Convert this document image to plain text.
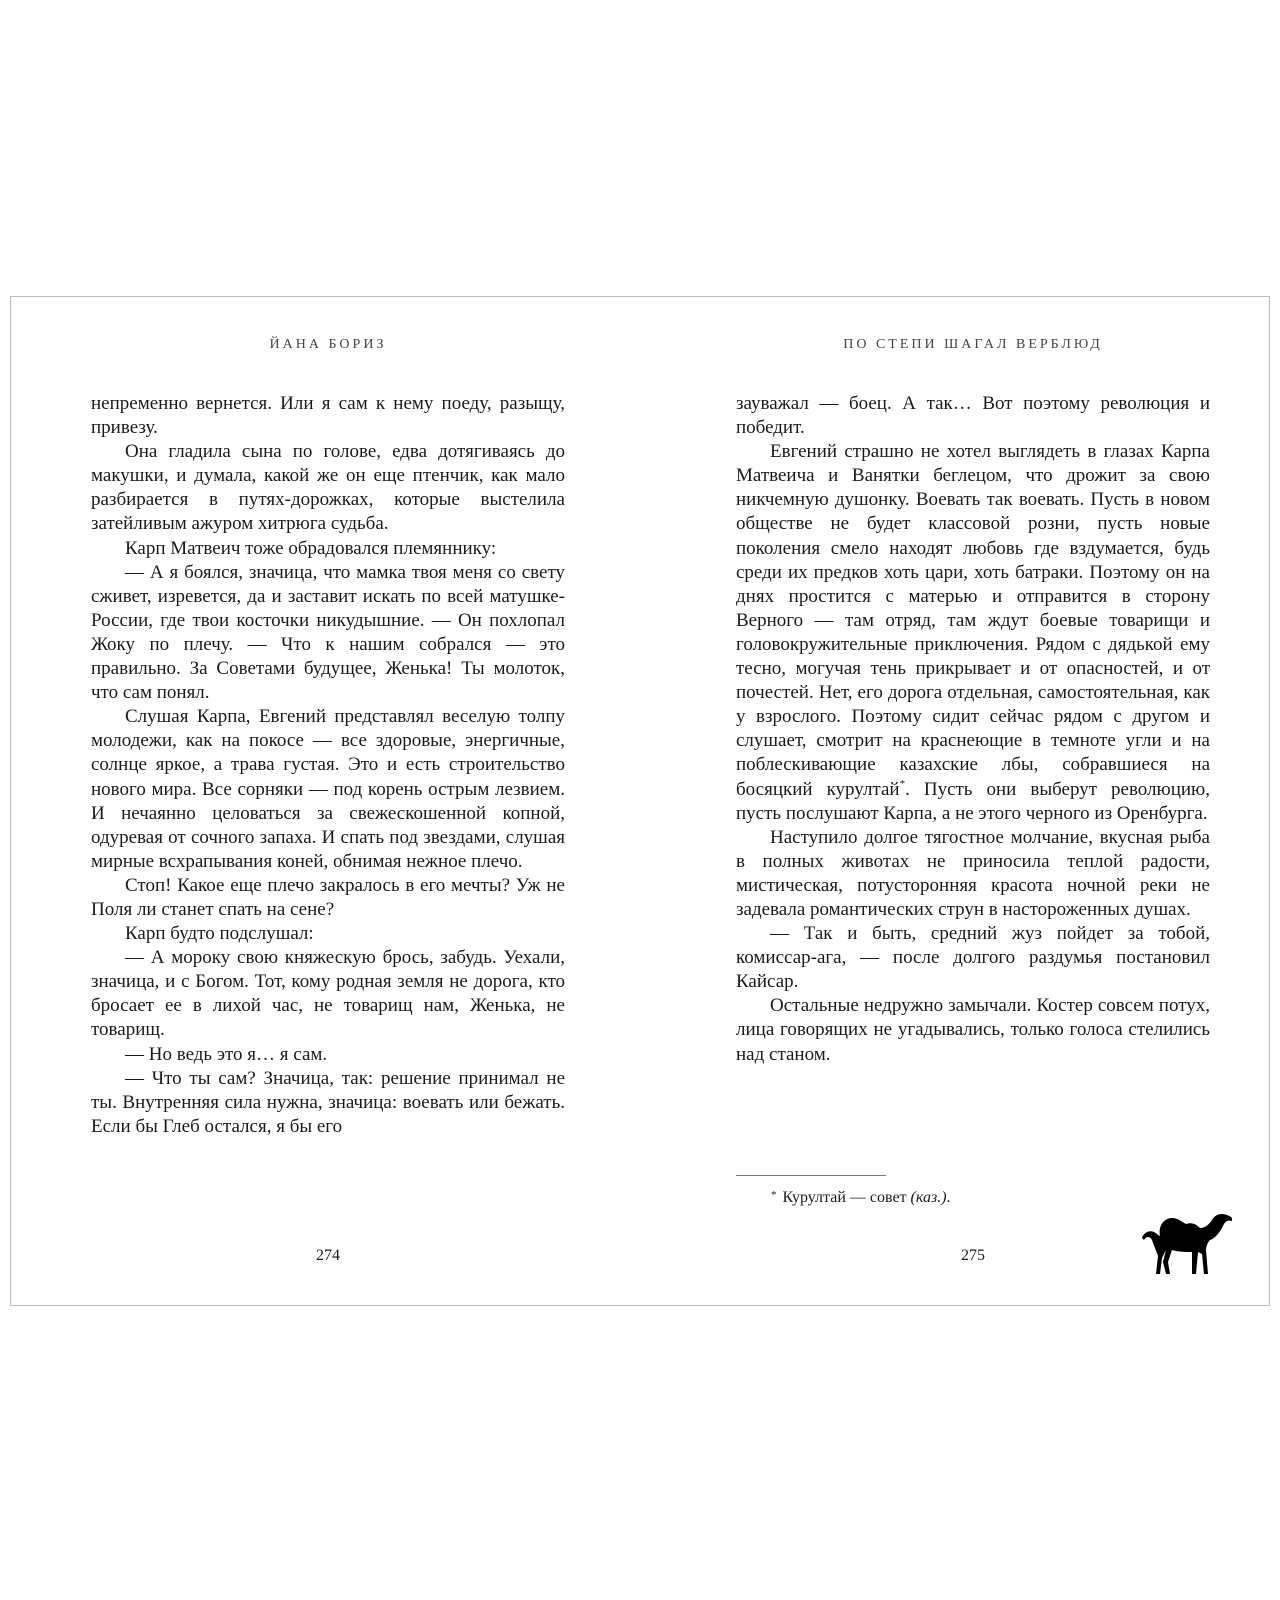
ЙАНА БОРИЗ

непременно вернется. Или я сам к нему поеду, разыщу, привезу.

Она гладила сына по голове, едва дотягиваясь до макушки, и думала, какой же он еще птенчик, как мало разбирается в путях-дорожках, которые выстелила затейливым ажуром хитрюга судьба.

Карп Матвеич тоже обрадовался племяннику:

— А я боялся, значица, что мамка твоя меня со свету сживет, изревется, да и заставит искать по всей матушке-России, где твои косточки никудышние. — Он похлопал Жоку по плечу. — Что к нашим собрался — это правильно. За Советами будущее, Женька! Ты молоток, что сам понял.

Слушая Карпа, Евгений представлял веселую толпу молодежи, как на покосе — все здоровые, энергичные, солнце яркое, а трава густая. Это и есть строительство нового мира. Все сорняки — под корень острым лезвием. И нечаянно целоваться за свежескошенной копной, одуревая от сочного запаха. И спать под звездами, слушая мирные всхрапывания коней, обнимая нежное плечо.

Стоп! Какое еще плечо закралось в его мечты? Уж не Поля ли станет спать на сене?

Карп будто подслушал:

— А мороку свою княжескую брось, забудь. Уехали, значица, и с Богом. Тот, кому родная земля не дорога, кто бросает ее в лихой час, не товарищ нам, Женька, не товарищ.

— Но ведь это я… я сам.

— Что ты сам? Значица, так: решение принимал не ты. Внутренняя сила нужна, значица: воевать или бежать. Если бы Глеб остался, я бы его

274
ПО СТЕПИ ШАГАЛ ВЕРБЛЮД

зауважал — боец. А так… Вот поэтому революция и победит.

Евгений страшно не хотел выглядеть в глазах Карпа Матвеича и Ванятки беглецом, что дрожит за свою никчемную душонку. Воевать так воевать. Пусть в новом обществе не будет классовой розни, пусть новые поколения смело находят любовь где вздумается, будь среди их предков хоть цари, хоть батраки. Поэтому он на днях простится с матерью и отправится в сторону Верного — там отряд, там ждут боевые товарищи и головокружительные приключения. Рядом с дядькой ему тесно, могучая тень прикрывает и от опасностей, и от почестей. Нет, его дорога отдельная, самостоятельная, как у взрослого. Поэтому сидит сейчас рядом с другом и слушает, смотрит на краснеющие в темноте угли и на поблескивающие казахские лбы, собравшиеся на босяцкий курултай*. Пусть они выберут революцию, пусть послушают Карпа, а не этого черного из Оренбурга.

Наступило долгое тягостное молчание, вкусная рыба в полных животах не приносила теплой радости, мистическая, потусторонняя красота ночной реки не задевала романтических струн в настороженных душах.

— Так и быть, средний жуз пойдет за тобой, комиссар-ага, — после долгого раздумья постановил Кайсар.

Остальные недружно замычали. Костер совсем потух, лица говорящих не угадывались, только голоса стелились над станом.

* Курултай — совет (каз.).
275
